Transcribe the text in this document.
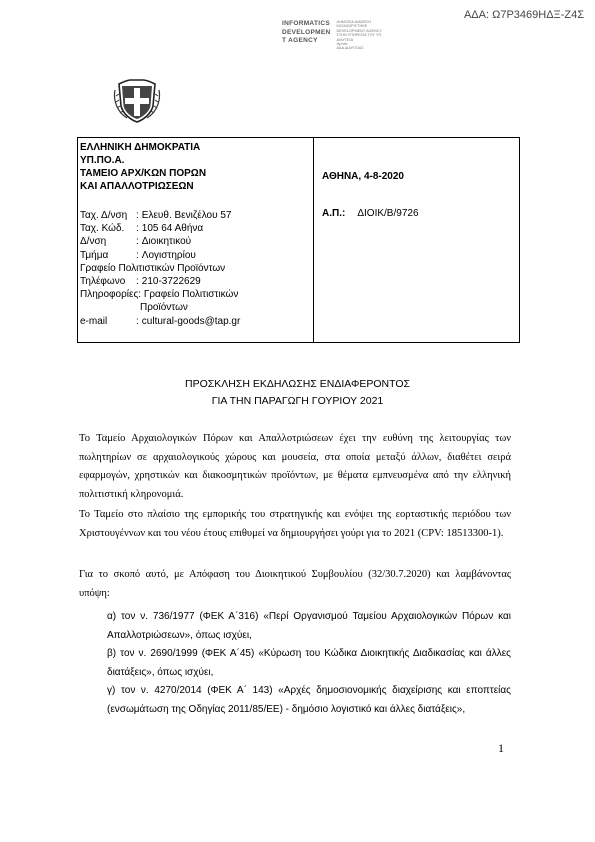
ΑΔΑ: Ω7Ρ3469ΗΔΞ-Ζ4Σ
INFORMATICS
DEVELOPMEN
T AGENCY
ΔΗΜΟΣΙΑ ΔΙΑΘΕΣΗ
ΚΑΤΑΧΩΡΙΣΤΗΚΕ
DEVELOPMENT AGENCY
ΣΤΗΝ ΥΠΗΡΕΣΙΑ ΤΟΥ ΥΠ
ΔΙΑΥΓΕΙΑ
Ημ/νία
ΑΔΑ ΔΙΑΥΓΕΙΑΣ
ΕΛΛΗΝΙΚΗ ΔΗΜΟΚΡΑΤΙΑ
ΥΠ.ΠΟ.Α.
ΤΑΜΕΙΟ ΑΡΧ/ΚΩΝ ΠΟΡΩΝ
ΚΑΙ ΑΠΑΛΛΟΤΡΙΩΣΕΩΝ
Ταχ. Δ/νση : Ελευθ. Βενιζέλου 57
Ταχ. Κώδ.	: 105 64 Αθήνα
Δ/νση	: Διοικητικού
Τμήμα	: Λογιστηρίου
Γραφείο Πολιτιστικών Προϊόντων
Τηλέφωνο	: 210-3722629
Πληροφορίες:
Γραφείο Πολιτιστικών
Προϊόντων
e-mail	: cultural-goods@tap.gr
ΑΘΗΝΑ, 4-8-2020
Α.Π.: ΔΙΟΙΚ/Β/9726
ΠΡΟΣΚΛΗΣΗ ΕΚΔΗΛΩΣΗΣ ΕΝΔΙΑΦΕΡΟΝΤΟΣ
ΓΙΑ ΤΗΝ ΠΑΡΑΓΩΓΗ ΓΟΥΡΙΟΥ 2021
Το Ταμείο Αρχαιολογικών Πόρων και Απαλλοτριώσεων έχει την ευθύνη της λειτουργίας των πωλητηρίων σε αρχαιολογικούς χώρους και μουσεία, στα οποία μεταξύ άλλων, διαθέτει σειρά εφαρμογών, χρηστικών και διακοσμητικών προϊόντων, με θέματα εμπνευσμένα από την ελληνική πολιτιστική κληρονομιά.
Το Ταμείο στο πλαίσιο της εμπορικής του στρατηγικής και ενόψει της εορταστικής περιόδου των Χριστουγέννων και του νέου έτους επιθυμεί να δημιουργήσει γούρι για το 2021 (CPV: 18513300-1).
Για το σκοπό αυτό, με Απόφαση του Διοικητικού Συμβουλίου (32/30.7.2020) και λαμβάνοντας υπόψη:
α) τον ν. 736/1977 (ΦΕΚ Α΄316) «Περί Οργανισμού Ταμείου Αρχαιολογικών Πόρων και Απαλλοτριώσεων», όπως ισχύει,
β) τον ν. 2690/1999 (ΦΕΚ Α΄45) «Κύρωση του Κώδικα Διοικητικής Διαδικασίας και άλλες διατάξεις», όπως ισχύει,
γ) τον ν. 4270/2014 (ΦΕΚ Α΄ 143) «Αρχές δημοσιονομικής διαχείρισης και εποπτείας (ενσωμάτωση της Οδηγίας 2011/85/ΕΕ) - δημόσιο λογιστικό και άλλες διατάξεις»,
1
